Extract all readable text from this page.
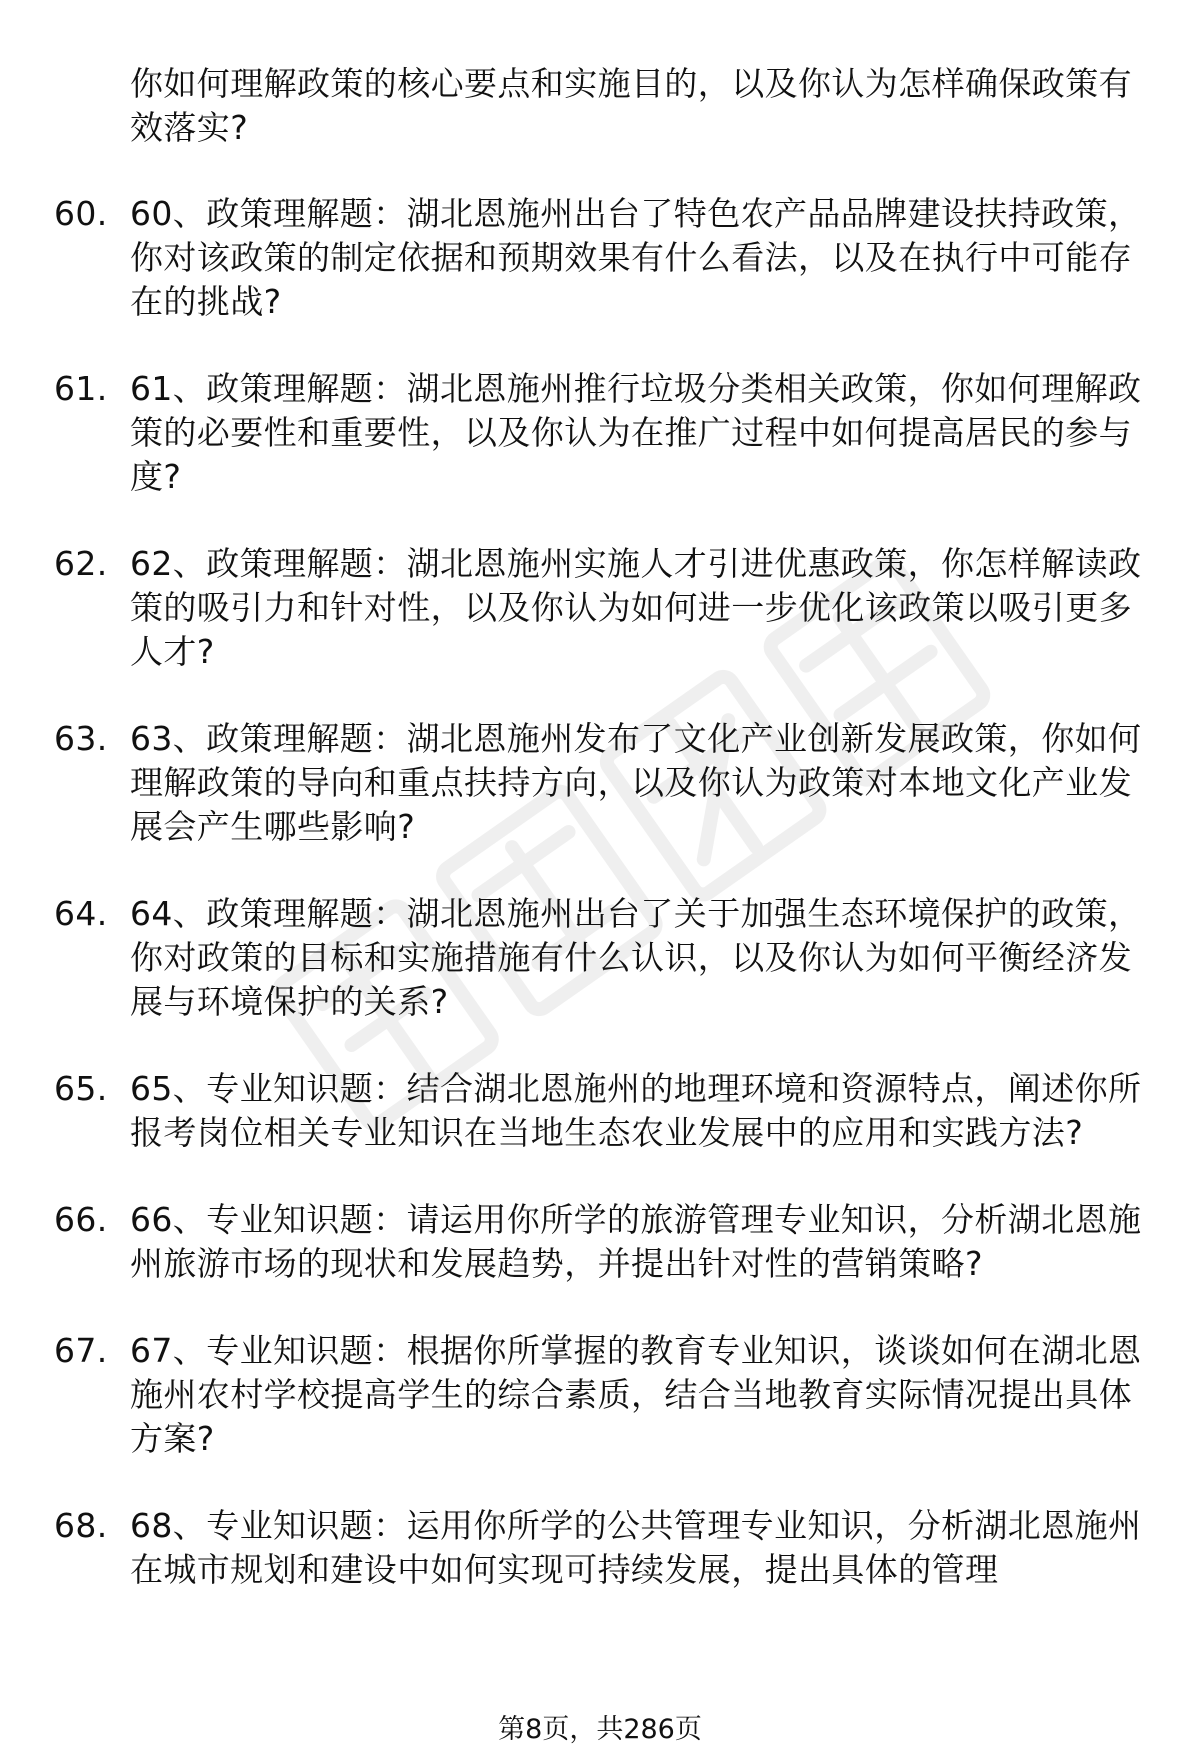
你如何理解政策的核心要点和实施目的，以及你认为怎样确保政策有效落实?
60. 60、政策理解题：湖北恩施州出台了特色农产品品牌建设扶持政策，你对该政策的制定依据和预期效果有什么看法，以及在执行中可能存在的挑战?
61. 61、政策理解题：湖北恩施州推行垃圾分类相关政策，你如何理解政策的必要性和重要性，以及你认为在推广过程中如何提高居民的参与度?
62. 62、政策理解题：湖北恩施州实施人才引进优惠政策，你怎样解读政策的吸引力和针对性，以及你认为如何进一步优化该政策以吸引更多人才?
63. 63、政策理解题：湖北恩施州发布了文化产业创新发展政策，你如何理解政策的导向和重点扶持方向，以及你认为政策对本地文化产业发展会产生哪些影响?
64. 64、政策理解题：湖北恩施州出台了关于加强生态环境保护的政策，你对政策的目标和实施措施有什么认识，以及你认为如何平衡经济发展与环境保护的关系?
65. 65、专业知识题：结合湖北恩施州的地理环境和资源特点，阐述你所报考岗位相关专业知识在当地生态农业发展中的应用和实践方法?
66. 66、专业知识题：请运用你所学的旅游管理专业知识，分析湖北恩施州旅游市场的现状和发展趋势，并提出针对性的营销策略?
67. 67、专业知识题：根据你所掌握的教育专业知识，谈谈如何在湖北恩施州农村学校提高学生的综合素质，结合当地教育实际情况提出具体方案?
68. 68、专业知识题：运用你所学的公共管理专业知识，分析湖北恩施州在城市规划和建设中如何实现可持续发展，提出具体的管理
第8页，共286页
